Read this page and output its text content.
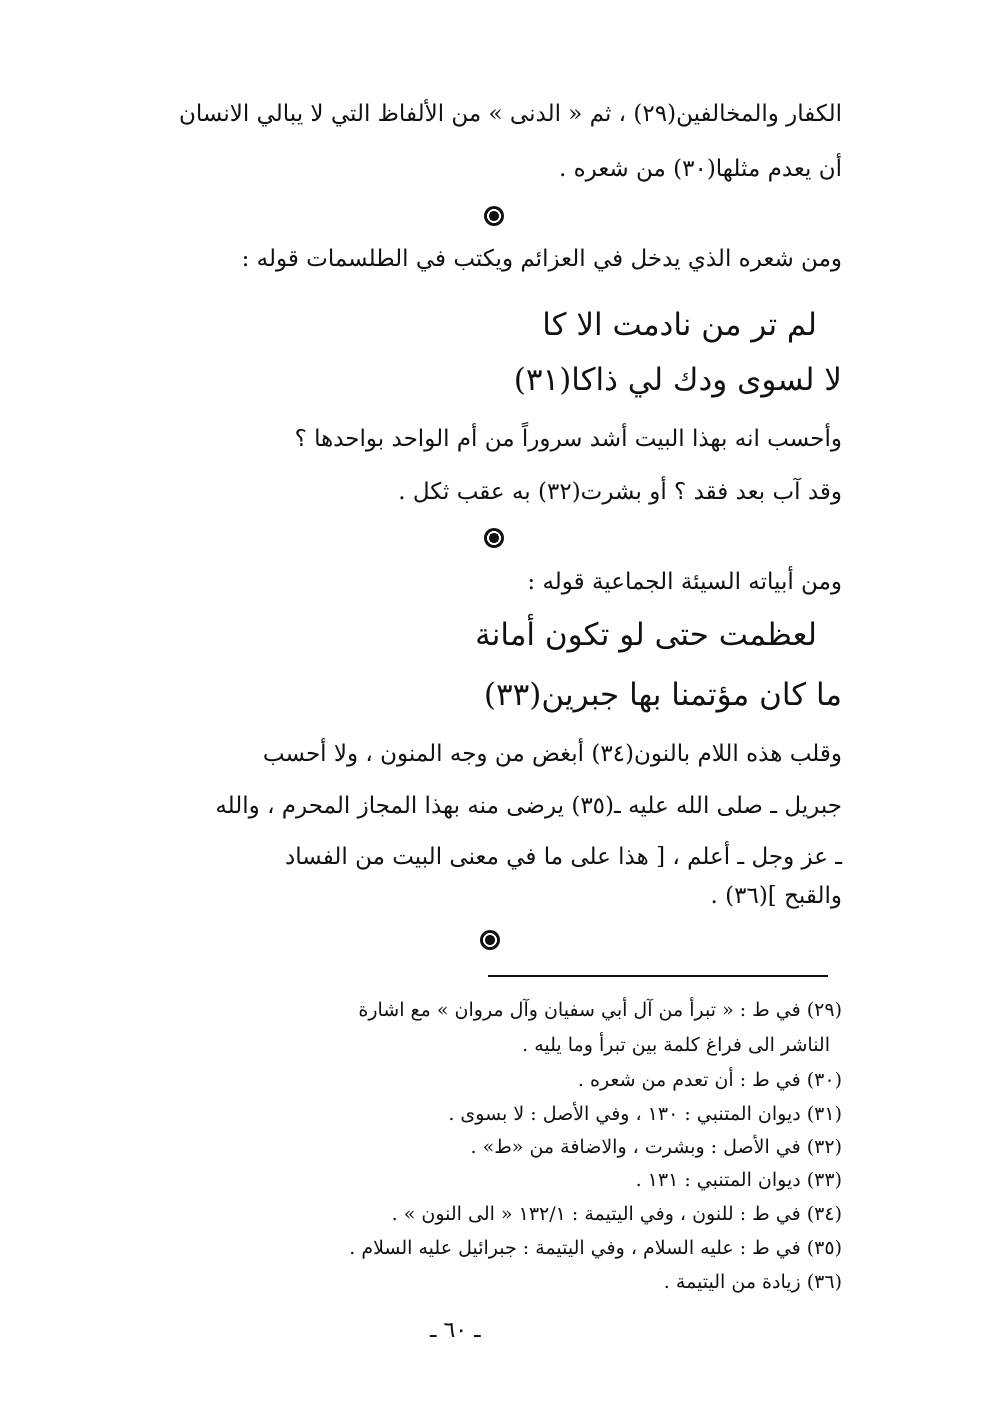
الكفار والمخالفين(٢٩) ، ثم « الدنى » من الألفاظ التي لا يبالي الانسان
أن يعدم مثلها(٣٠) من شعره .
ومن شعره الذي يدخل في العزائم ويكتب في الطلسمات قوله :
لم تر من نادمت الا كا
لا لسوى ودك لي ذاكا(٣١)
وأحسب انه بهذا البيت أشد سروراً من أم الواحد بواحدها ؟
وقد آب بعد فقد ؟ أو بشرت(٣٢) به عقب ثكل .
ومن أبياته السيئة الجماعية قوله :
لعظمت حتى لو تكون أمانة
ما كان مؤتمنا بها جبرين(٣٣)
وقلب هذه اللام بالنون(٣٤) أبغض من وجه المنون ، ولا أحسب
جبريل ـ صلى الله عليه ـ(٣٥) يرضى منه بهذا المجاز المحرم ، والله
ـ عز وجل ـ أعلم ، [ هذا على ما في معنى البيت من الفساد
والقبح ](٣٦) .
(٢٩) في ط : « تبرأ من آل أبي سفيان وآل مروان » مع اشارة
الناشر الى فراغ كلمة بين تبرأ وما يليه .
(٣٠) في ط : أن تعدم من شعره .
(٣١) ديوان المتنبي : ١٣٠ ، وفي الأصل : لا بسوى .
(٣٢) في الأصل : وبشرت ، والاضافة من «ط» .
(٣٣) ديوان المتنبي : ١٣١ .
(٣٤) في ط : للنون ، وفي اليتيمة : ١٣٢/١ « الى النون » .
(٣٥) في ط : عليه السلام ، وفي اليتيمة : جبرائيل عليه السلام .
(٣٦) زيادة من اليتيمة .
ـ ٦٠ ـ
